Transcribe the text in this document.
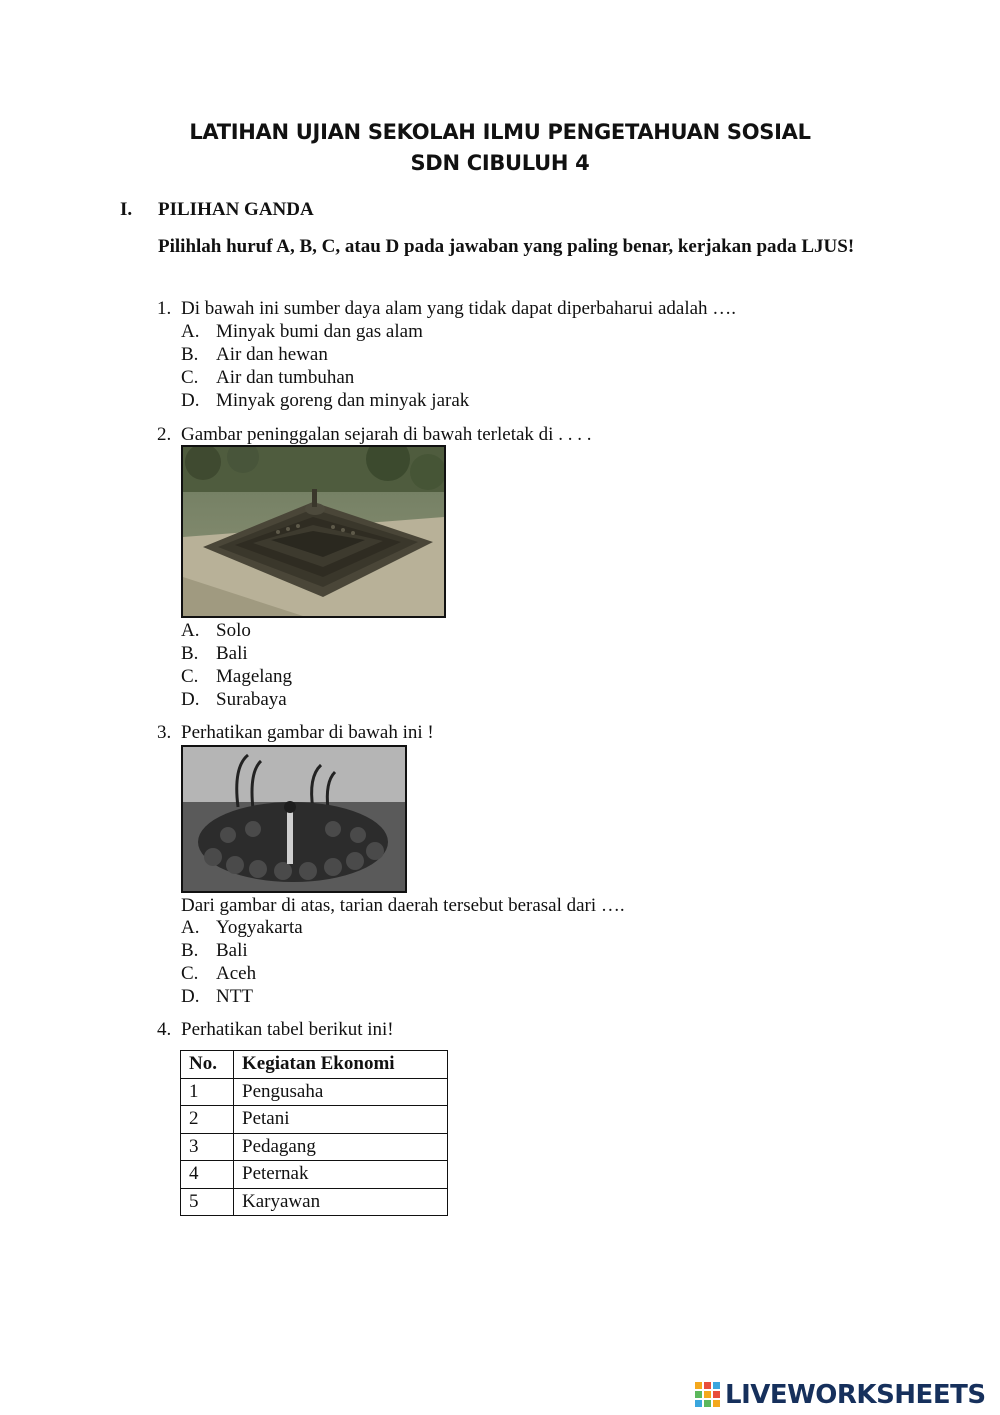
LATIHAN UJIAN SEKOLAH ILMU PENGETAHUAN SOSIAL
SDN CIBULUH 4
I. PILIHAN GANDA
Pilihlah huruf A, B, C, atau D pada jawaban yang paling benar, kerjakan pada LJUS!
1. Di bawah ini sumber daya alam yang tidak dapat diperbaharui adalah ….
A. Minyak bumi dan gas alam
B. Air dan hewan
C. Air dan tumbuhan
D. Minyak goreng dan minyak jarak
2. Gambar peninggalan sejarah di bawah terletak di . . . .
A. Solo
B. Bali
C. Magelang
D. Surabaya
3. Perhatikan gambar di bawah ini !
Dari gambar di atas, tarian daerah tersebut berasal dari ….
A. Yogyakarta
B. Bali
C. Aceh
D. NTT
4. Perhatikan tabel berikut ini!
No.	Kegiatan Ekonomi
1	Pengusaha
2	Petani
3	Pedagang
4	Peternak
5	Karyawan
LIVEWORKSHEETS
